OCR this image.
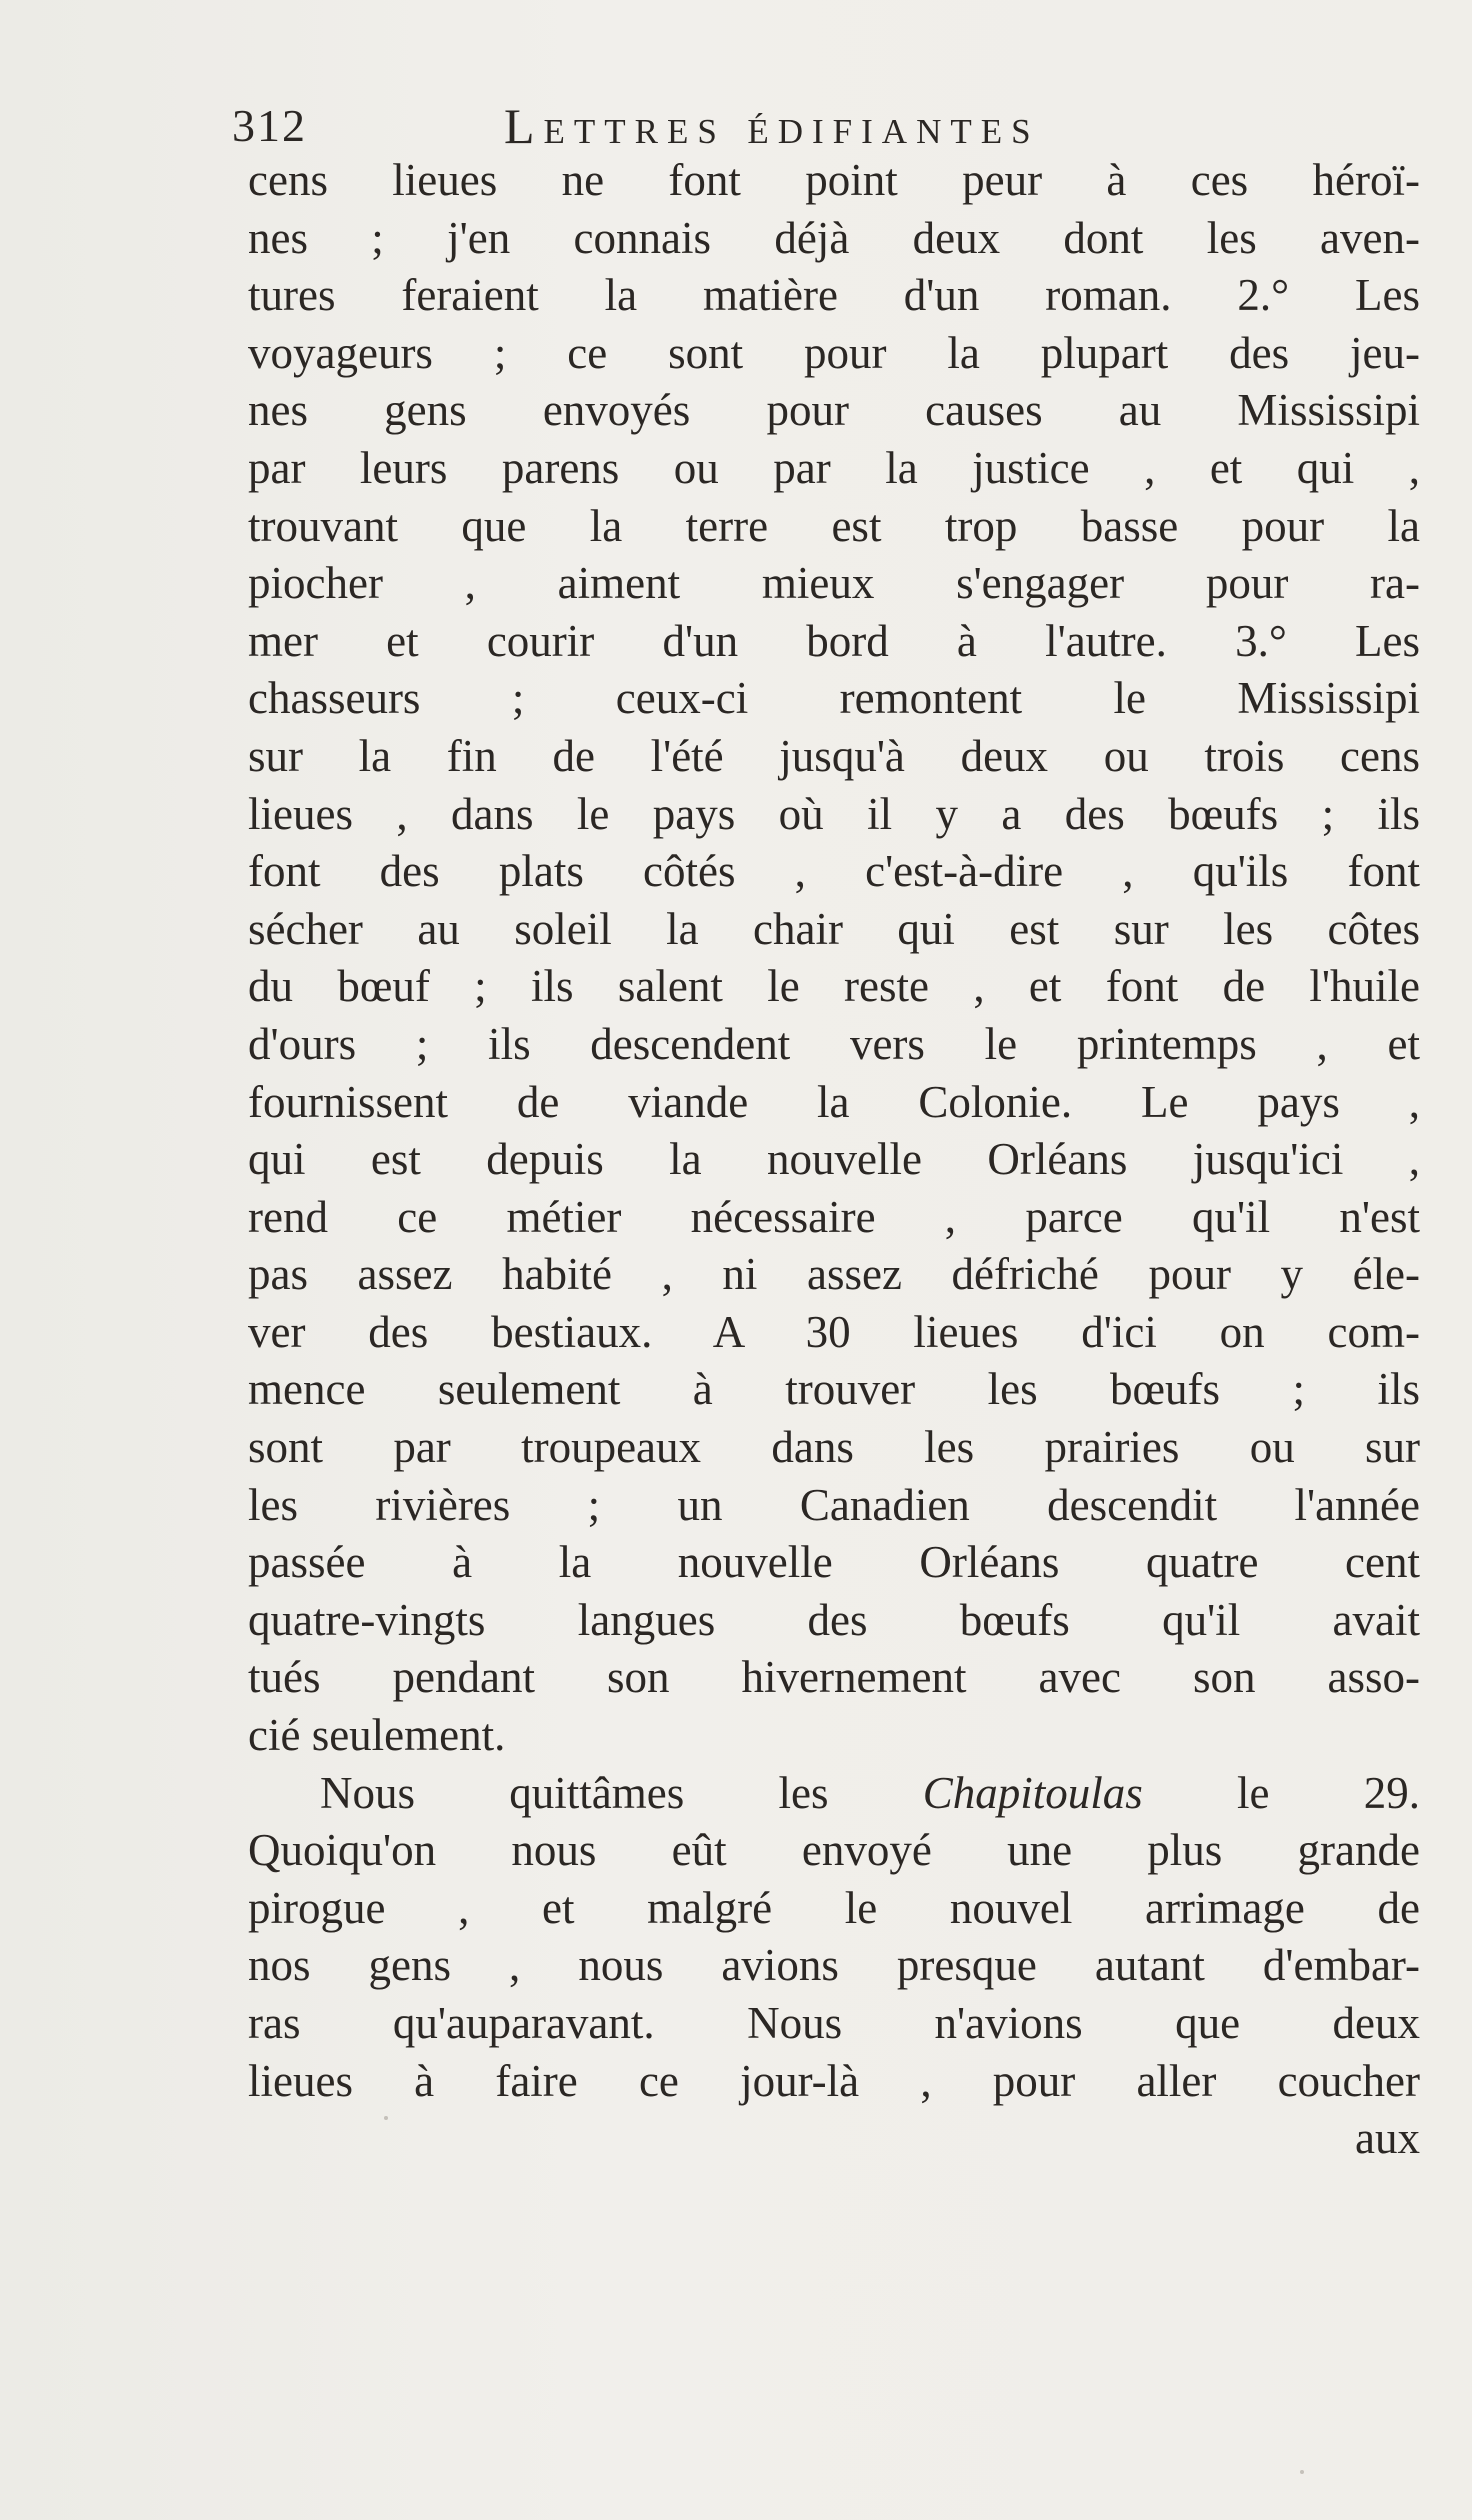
312	Lettres édifiantes
cens lieues ne font point peur à ces héroï-
nes ; j'en connais déjà deux dont les aven-
tures feraient la matière d'un roman. 2.° Les
voyageurs ; ce sont pour la plupart des jeu-
nes gens envoyés pour causes au Mississipi
par leurs parens ou par la justice , et qui ,
trouvant que la terre est trop basse pour la
piocher , aiment mieux s'engager pour ra-
mer et courir d'un bord à l'autre. 3.° Les
chasseurs ; ceux-ci remontent le Mississipi
sur la fin de l'été jusqu'à deux ou trois cens
lieues , dans le pays où il y a des bœufs ; ils
font des plats côtés , c'est-à-dire , qu'ils font
sécher au soleil la chair qui est sur les côtes
du bœuf ; ils salent le reste , et font de l'huile
d'ours ; ils descendent vers le printemps , et
fournissent de viande la Colonie. Le pays ,
qui est depuis la nouvelle Orléans jusqu'ici ,
rend ce métier nécessaire , parce qu'il n'est
pas assez habité , ni assez défriché pour y éle-
ver des bestiaux. A 30 lieues d'ici on com-
mence seulement à trouver les bœufs ; ils
sont par troupeaux dans les prairies ou sur
les rivières ; un Canadien descendit l'année
passée à la nouvelle Orléans quatre cent
quatre-vingts langues des bœufs qu'il avait
tués pendant son hivernement avec son asso-
cié seulement.
Nous quittâmes les Chapitoulas le 29.
Quoiqu'on nous eût envoyé une plus grande
pirogue , et malgré le nouvel arrimage de
nos gens , nous avions presque autant d'embar-
ras qu'auparavant. Nous n'avions que deux
lieues à faire ce jour-là , pour aller coucher
aux
